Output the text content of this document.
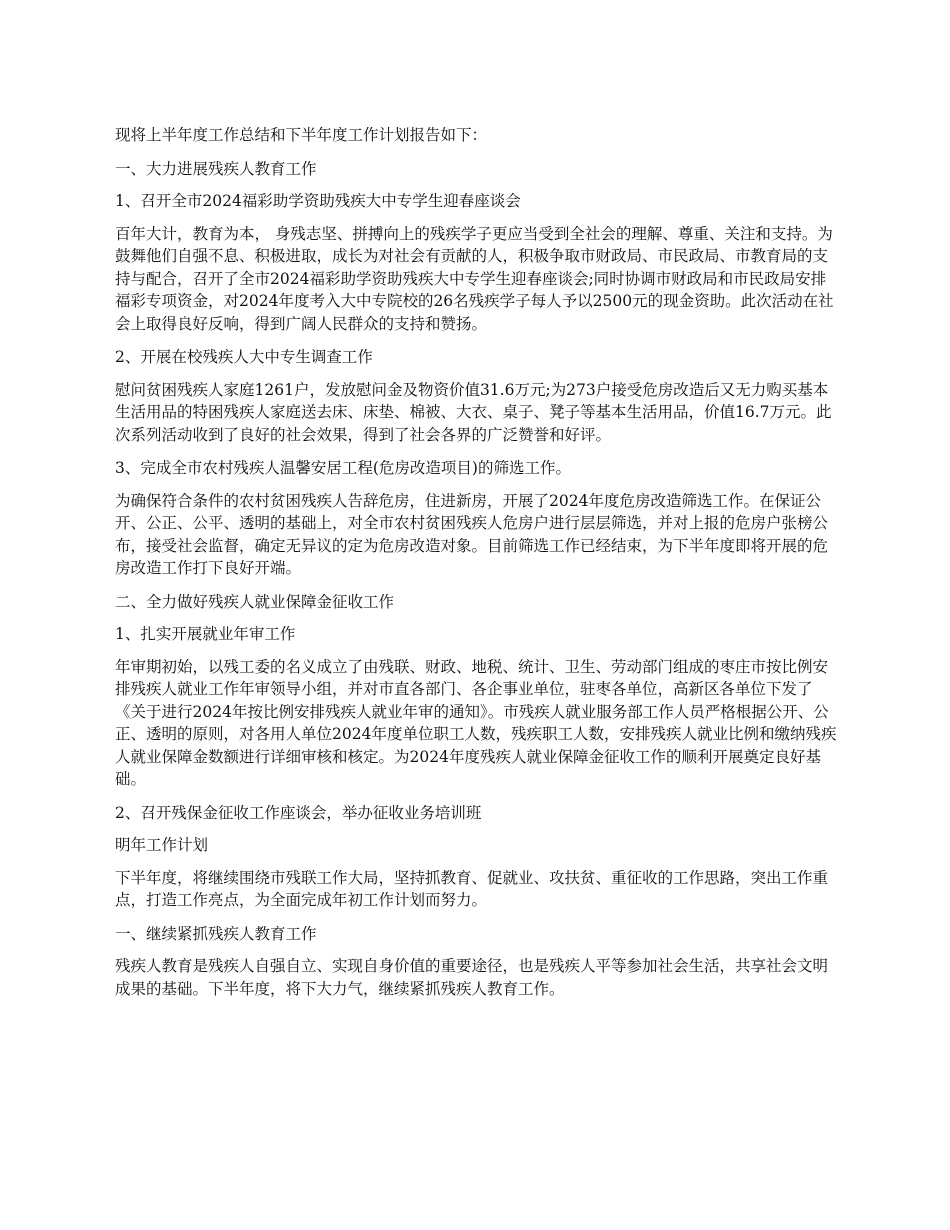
现将上半年度工作总结和下半年度工作计划报告如下：

一、大力进展残疾人教育工作

1、召开全市2024福彩助学资助残疾大中专学生迎春座谈会

百年大计，教育为本， 身残志坚、拼搏向上的残疾学子更应当受到全社会的理解、尊重、关注和支持。为鼓舞他们自强不息、积极进取，成长为对社会有贡献的人，积极争取市财政局、市民政局、市教育局的支持与配合，召开了全市2024福彩助学资助残疾大中专学生迎春座谈会;同时协调市财政局和市民政局安排福彩专项资金，对2024年度考入大中专院校的26名残疾学子每人予以2500元的现金资助。此次活动在社会上取得良好反响，得到广阔人民群众的支持和赞扬。

2、开展在校残疾人大中专生调查工作

慰问贫困残疾人家庭1261户，发放慰问金及物资价值31.6万元;为273户接受危房改造后又无力购买基本生活用品的特困残疾人家庭送去床、床垫、棉被、大衣、桌子、凳子等基本生活用品，价值16.7万元。此次系列活动收到了良好的社会效果，得到了社会各界的广泛赞誉和好评。

3、完成全市农村残疾人温馨安居工程(危房改造项目)的筛选工作。

为确保符合条件的农村贫困残疾人告辞危房，住进新房，开展了2024年度危房改造筛选工作。在保证公开、公正、公平、透明的基础上，对全市农村贫困残疾人危房户进行层层筛选，并对上报的危房户张榜公布，接受社会监督，确定无异议的定为危房改造对象。目前筛选工作已经结束，为下半年度即将开展的危房改造工作打下良好开端。

二、全力做好残疾人就业保障金征收工作

1、扎实开展就业年审工作

年审期初始，以残工委的名义成立了由残联、财政、地税、统计、卫生、劳动部门组成的枣庄市按比例安排残疾人就业工作年审领导小组，并对市直各部门、各企事业单位，驻枣各单位，高新区各单位下发了《关于进行2024年按比例安排残疾人就业年审的通知》。市残疾人就业服务部工作人员严格根据公开、公正、透明的原则，对各用人单位2024年度单位职工人数，残疾职工人数，安排残疾人就业比例和缴纳残疾人就业保障金数额进行详细审核和核定。为2024年度残疾人就业保障金征收工作的顺利开展奠定良好基础。

2、召开残保金征收工作座谈会，举办征收业务培训班

明年工作计划

下半年度，将继续围绕市残联工作大局，坚持抓教育、促就业、攻扶贫、重征收的工作思路，突出工作重点，打造工作亮点，为全面完成年初工作计划而努力。

一、继续紧抓残疾人教育工作

残疾人教育是残疾人自强自立、实现自身价值的重要途径，也是残疾人平等参加社会生活，共享社会文明成果的基础。下半年度，将下大力气，继续紧抓残疾人教育工作。
